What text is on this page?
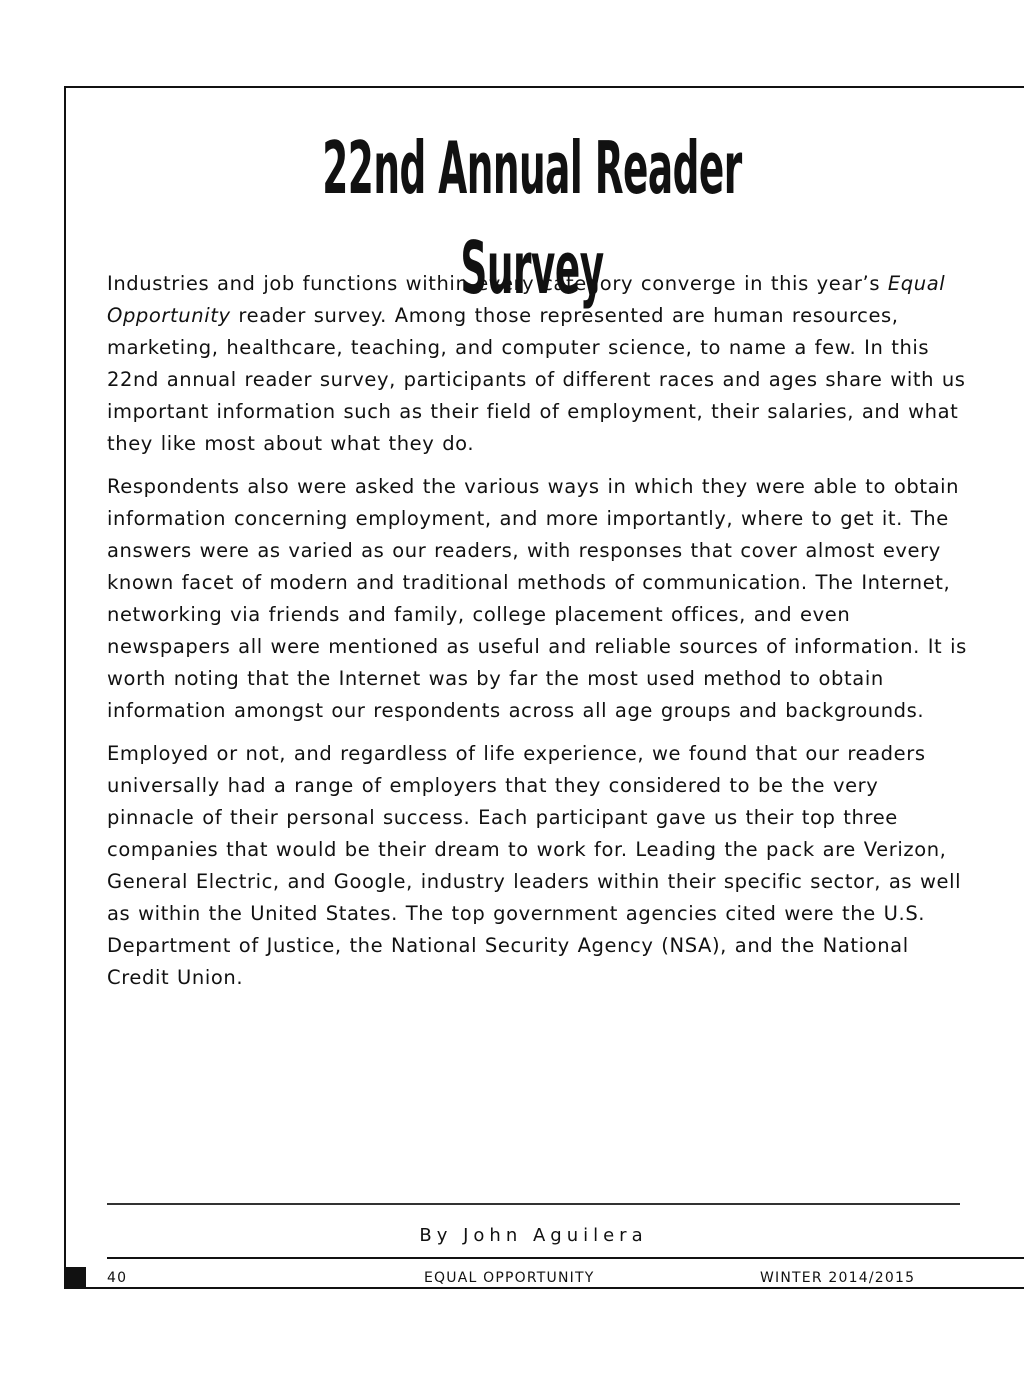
22nd Annual Reader Survey

Industries and job functions within every category converge in this year’s Equal Opportunity reader survey. Among those represented are human resources, marketing, healthcare, teaching, and computer science, to name a few. In this 22nd annual reader survey, participants of different races and ages share with us important information such as their field of employment, their salaries, and what they like most about what they do.

Respondents also were asked the various ways in which they were able to obtain information concerning employment, and more importantly, where to get it. The answers were as varied as our readers, with responses that cover almost every known facet of modern and traditional methods of communication. The Internet, networking via friends and family, college placement offices, and even newspapers all were mentioned as useful and reliable sources of information. It is worth noting that the Internet was by far the most used method to obtain information amongst our respondents across all age groups and backgrounds.

Employed or not, and regardless of life experience, we found that our readers universally had a range of employers that they considered to be the very pinnacle of their personal success. Each participant gave us their top three companies that would be their dream to work for. Leading the pack are Verizon, General Electric, and Google, industry leaders within their specific sector, as well as within the United States. The top government agencies cited were the U.S. Department of Justice, the National Security Agency (NSA), and the National Credit Union.

By John Aguilera
40	EQUAL OPPORTUNITY	WINTER 2014/2015
